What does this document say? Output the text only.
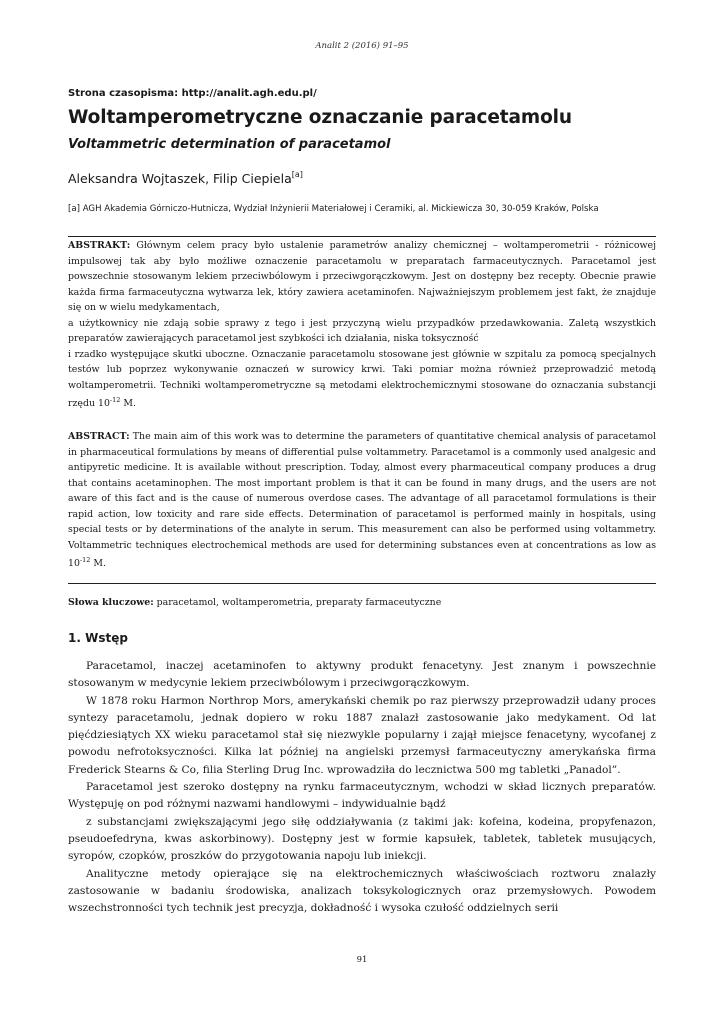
Analit 2 (2016) 91–95
Strona czasopisma: http://analit.agh.edu.pl/
Woltamperometryczne oznaczanie paracetamolu
Voltammetric determination of paracetamol
Aleksandra Wojtaszek, Filip Ciepiela[a]
[a] AGH Akademia Górniczo-Hutnicza, Wydział Inżynierii Materiałowej i Ceramiki, al. Mickiewicza 30, 30-059 Kraków, Polska

ABSTRAKT: Głównym celem pracy było ustalenie parametrów analizy chemicznej – woltamperometrii - różnicowej impulsowej tak aby było możliwe oznaczenie paracetamolu w preparatach farmaceutycznych. Paracetamol jest powszechnie stosowanym lekiem przeciwbólowym i przeciwgorączkowym. Jest on dostępny bez recepty. Obecnie prawie każda firma farmaceutyczna wytwarza lek, który zawiera acetaminofen. Najważniejszym problemem jest fakt, że znajduje się on w wielu medykamentach,

a użytkownicy nie zdają sobie sprawy z tego i jest przyczyną wielu przypadków przedawkowania. Zaletą wszystkich preparatów zawierających paracetamol jest szybkości ich działania, niska toksyczność

i rzadko występujące skutki uboczne. Oznaczanie paracetamolu stosowane jest głównie w szpitalu za pomocą specjalnych testów lub poprzez wykonywanie oznaczeń w surowicy krwi. Taki pomiar można również przeprowadzić metodą woltamperometrii. Techniki woltamperometryczne są metodami elektrochemicznymi stosowane do oznaczania substancji rzędu $10^{-12}$ M.

ABSTRACT: The main aim of this work was to determine the parameters of quantitative chemical analysis of paracetamol in pharmaceutical formulations by means of differential pulse voltammetry. Paracetamol is a commonly used analgesic and antipyretic medicine. It is available without prescription. Today, almost every pharmaceutical company produces a drug that contains acetaminophen. The most important problem is that it can be found in many drugs, and the users are not aware of this fact and is the cause of numerous overdose cases. The advantage of all paracetamol formulations is their rapid action, low toxicity and rare side effects. Determination of paracetamol is performed mainly in hospitals, using special tests or by determinations of the analyte in serum. This measurement can also be performed using voltammetry. Voltammetric techniques electrochemical methods are used for determining substances even at concentrations as low as $10^{-12}$ M.

Słowa kluczowe: paracetamol, woltamperometria, preparaty farmaceutyczne
1. Wstęp

Paracetamol, inaczej acetaminofen to aktywny produkt fenacetyny. Jest znanym i powszechnie stosowanym w medycynie lekiem przeciwbólowym i przeciwgorączkowym.

W 1878 roku Harmon Northrop Mors, amerykański chemik po raz pierwszy przeprowadził udany proces syntezy paracetamolu, jednak dopiero w roku 1887 znalazł zastosowanie jako medykament. Od lat pięćdziesiątych XX wieku paracetamol stał się niezwykle popularny i zajął miejsce fenacetyny, wycofanej z powodu nefrotoksyczności. Kilka lat później na angielski przemysł farmaceutyczny amerykańska firma Frederick Stearns & Co, filia Sterling Drug Inc. wprowadziła do lecznictwa 500 mg tabletki „Panadol”.

Paracetamol jest szeroko dostępny na rynku farmaceutycznym, wchodzi w skład licznych preparatów. Występuję on pod różnymi nazwami handlowymi – indywidualnie bądź

z substancjami zwiększającymi jego siłę oddziaływania (z takimi jak: kofeina, kodeina, propyfenazon, pseudoefedryna, kwas askorbinowy). Dostępny jest w formie kapsułek, tabletek, tabletek musujących, syropów, czopków, proszków do przygotowania napoju lub iniekcji.

Analityczne metody opierające się na elektrochemicznych właściwościach roztworu znalazły zastosowanie w badaniu środowiska, analizach toksykologicznych oraz przemysłowych. Powodem wszechstronności tych technik jest precyzja, dokładność i wysoka czułość oddzielnych serii

91
